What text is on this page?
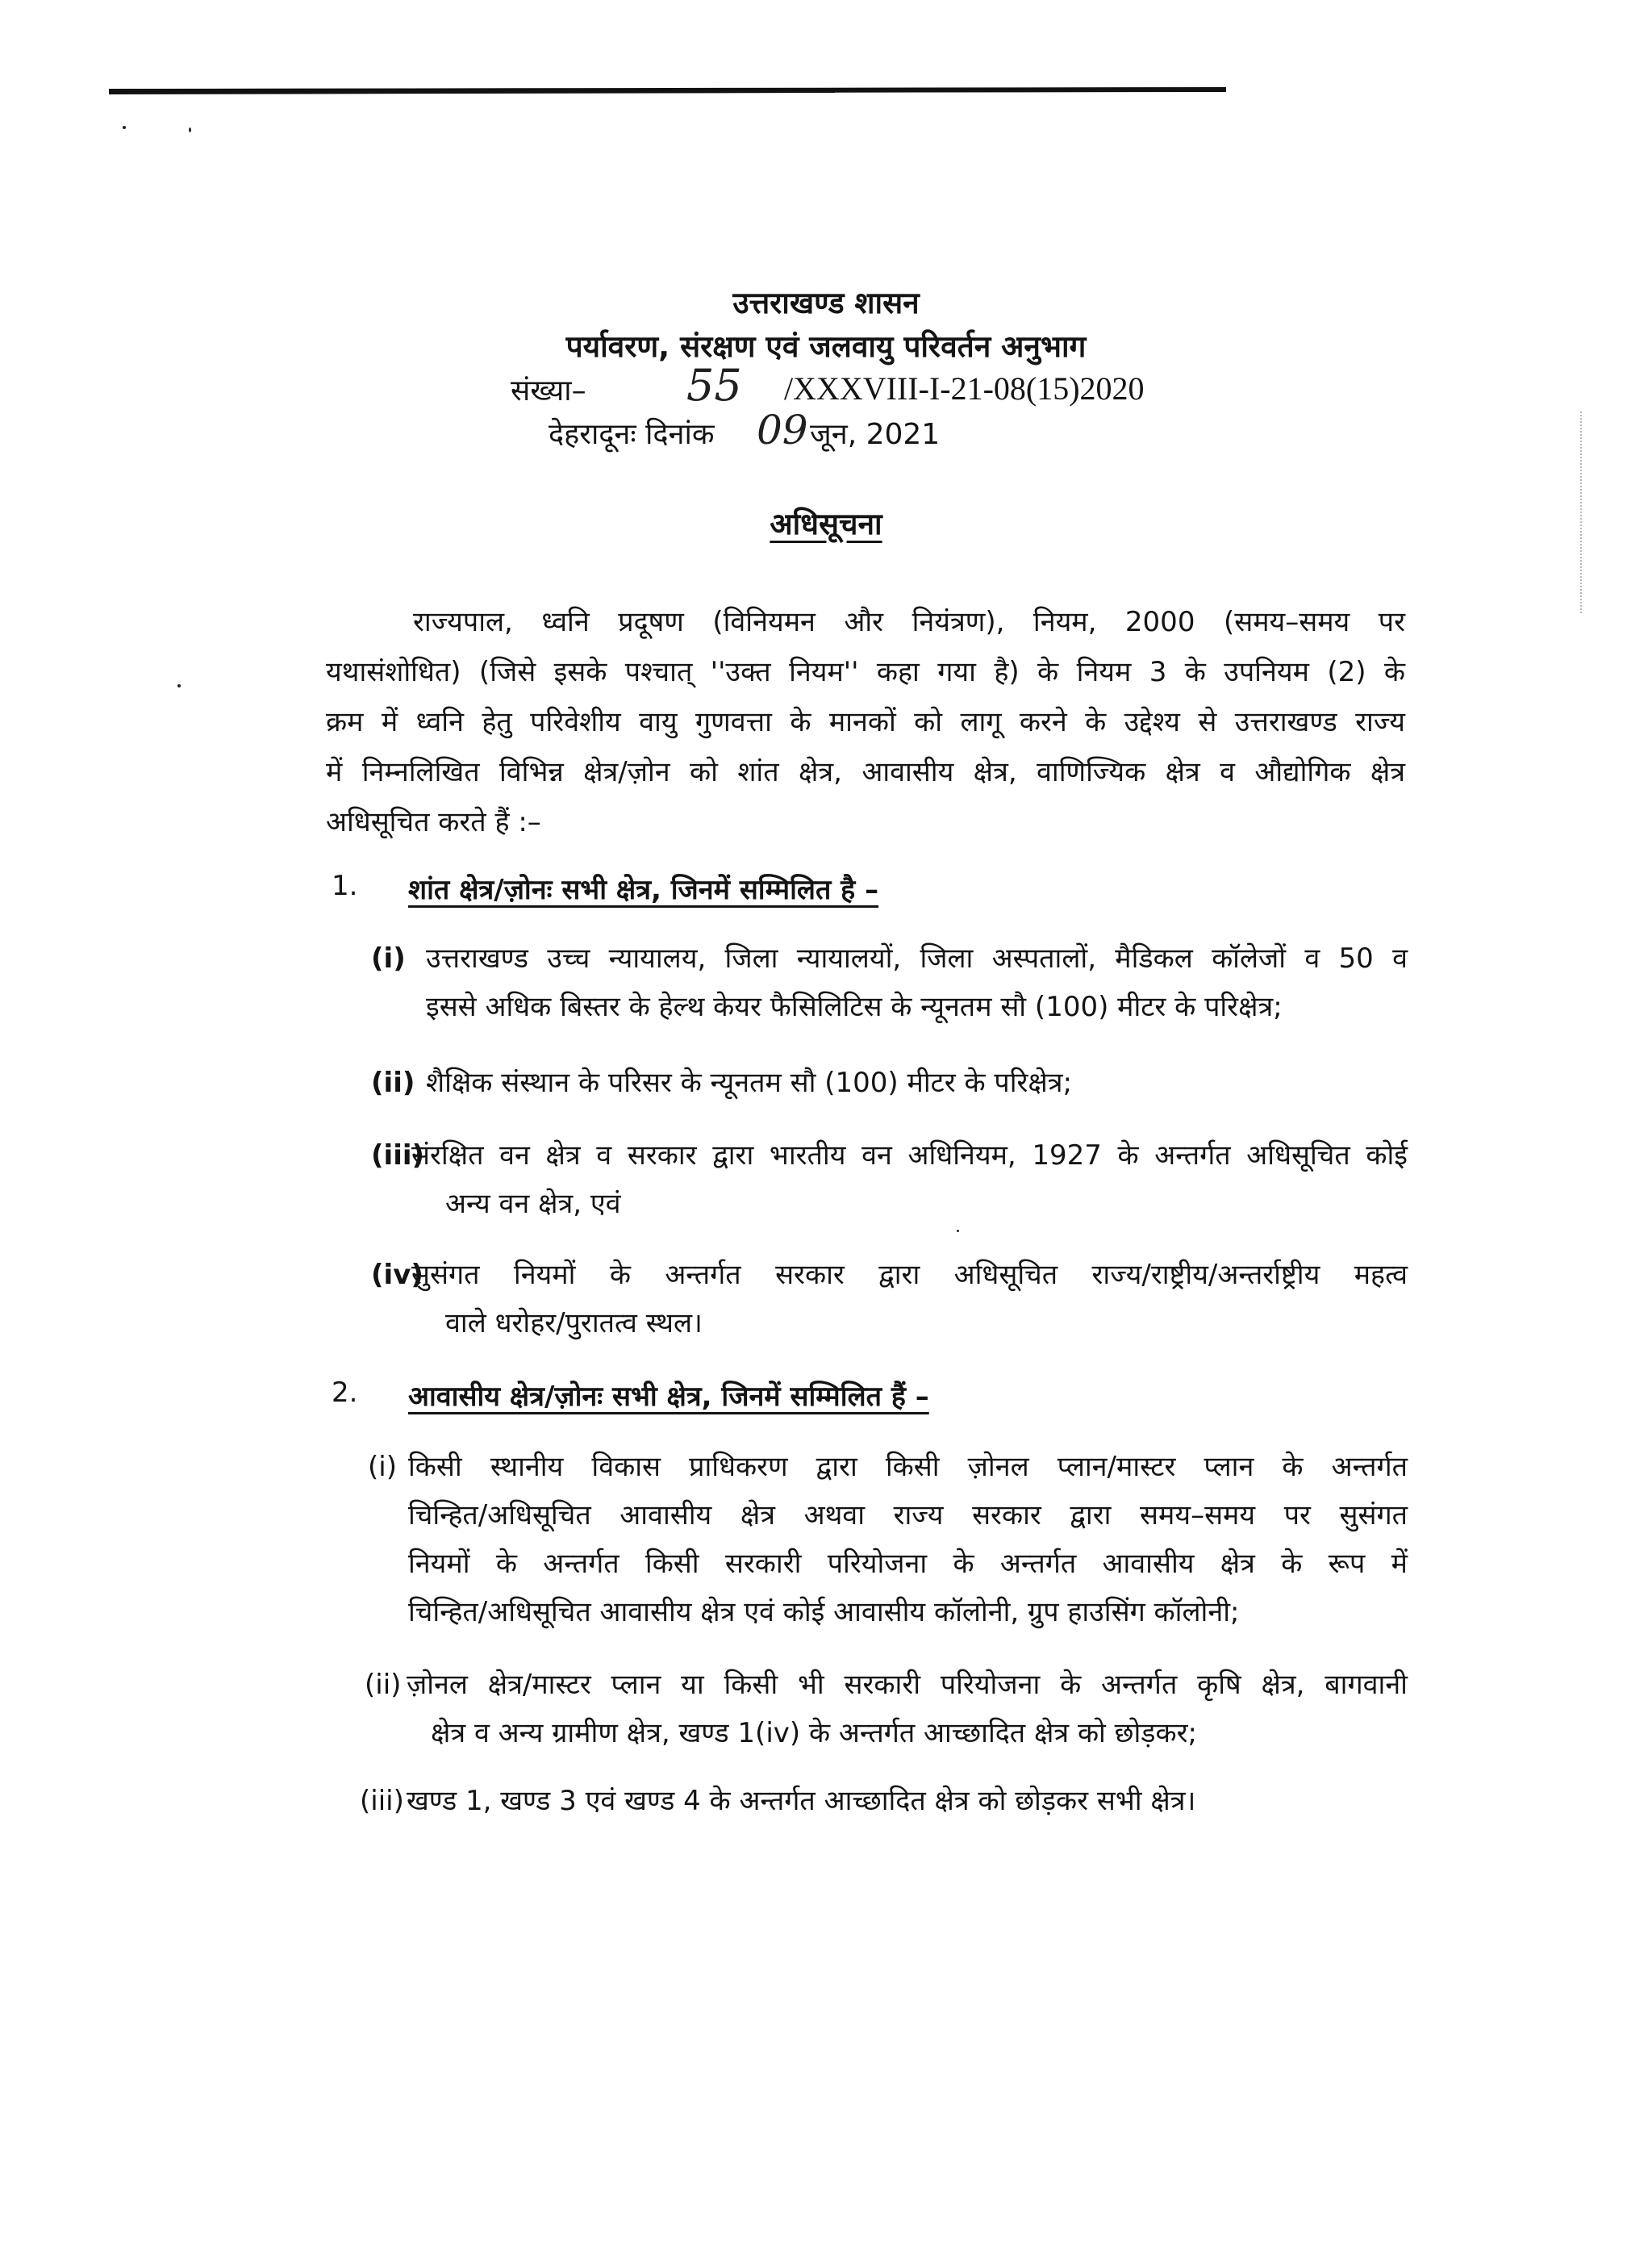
उत्तराखण्ड शासन
पर्यावरण, संरक्षण एवं जलवायु परिवर्तन अनुभाग
संख्या– 55 /XXXVIII-I-21-08(15)2020
देहरादूनः दिनांक 09 जून, 2021
अधिसूचना
राज्यपाल, ध्वनि प्रदूषण (विनियमन और नियंत्रण), नियम, 2000 (समय–समय पर
यथासंशोधित) (जिसे इसके पश्चात् ''उक्त नियम'' कहा गया है) के नियम 3 के उपनियम (2) के
क्रम में ध्वनि हेतु परिवेशीय वायु गुणवत्ता के मानकों को लागू करने के उद्देश्य से उत्तराखण्ड राज्य
में निम्नलिखित विभिन्न क्षेत्र/ज़ोन को शांत क्षेत्र, आवासीय क्षेत्र, वाणिज्यिक क्षेत्र व औद्योगिक क्षेत्र
अधिसूचित करते हैं :–
1. शांत क्षेत्र/ज़ोनः सभी क्षेत्र, जिनमें सम्मिलित है –
(i) उत्तराखण्ड उच्च न्यायालय, जिला न्यायालयों, जिला अस्पतालों, मैडिकल कॉलेजों व 50 व
इससे अधिक बिस्तर के हेल्थ केयर फैसिलिटिस के न्यूनतम सौ (100) मीटर के परिक्षेत्र;
(ii) शैक्षिक संस्थान के परिसर के न्यूनतम सौ (100) मीटर के परिक्षेत्र;
(iii)
संरक्षित वन क्षेत्र व सरकार द्वारा भारतीय वन अधिनियम, 1927 के अन्तर्गत अधिसूचित कोई
अन्य वन क्षेत्र, एवं
(iv)
सुसंगत नियमों के अन्तर्गत सरकार द्वारा अधिसूचित राज्य/राष्ट्रीय/अन्तर्राष्ट्रीय महत्व
वाले धरोहर/पुरातत्व स्थल।
2. आवासीय क्षेत्र/ज़ोनः सभी क्षेत्र, जिनमें सम्मिलित हैं –
(i) किसी स्थानीय विकास प्राधिकरण द्वारा किसी ज़ोनल प्लान/मास्टर प्लान के अन्तर्गत
चिन्हित/अधिसूचित आवासीय क्षेत्र अथवा राज्य सरकार द्वारा समय–समय पर सुसंगत
नियमों के अन्तर्गत किसी सरकारी परियोजना के अन्तर्गत आवासीय क्षेत्र के रूप में
चिन्हित/अधिसूचित आवासीय क्षेत्र एवं कोई आवासीय कॉलोनी, ग्रुप हाउसिंग कॉलोनी;
(ii) ज़ोनल क्षेत्र/मास्टर प्लान या किसी भी सरकारी परियोजना के अन्तर्गत कृषि क्षेत्र, बागवानी
क्षेत्र व अन्य ग्रामीण क्षेत्र, खण्ड 1(iv) के अन्तर्गत आच्छादित क्षेत्र को छोड़कर;
(iii) खण्ड 1, खण्ड 3 एवं खण्ड 4 के अन्तर्गत आच्छादित क्षेत्र को छोड़कर सभी क्षेत्र।
